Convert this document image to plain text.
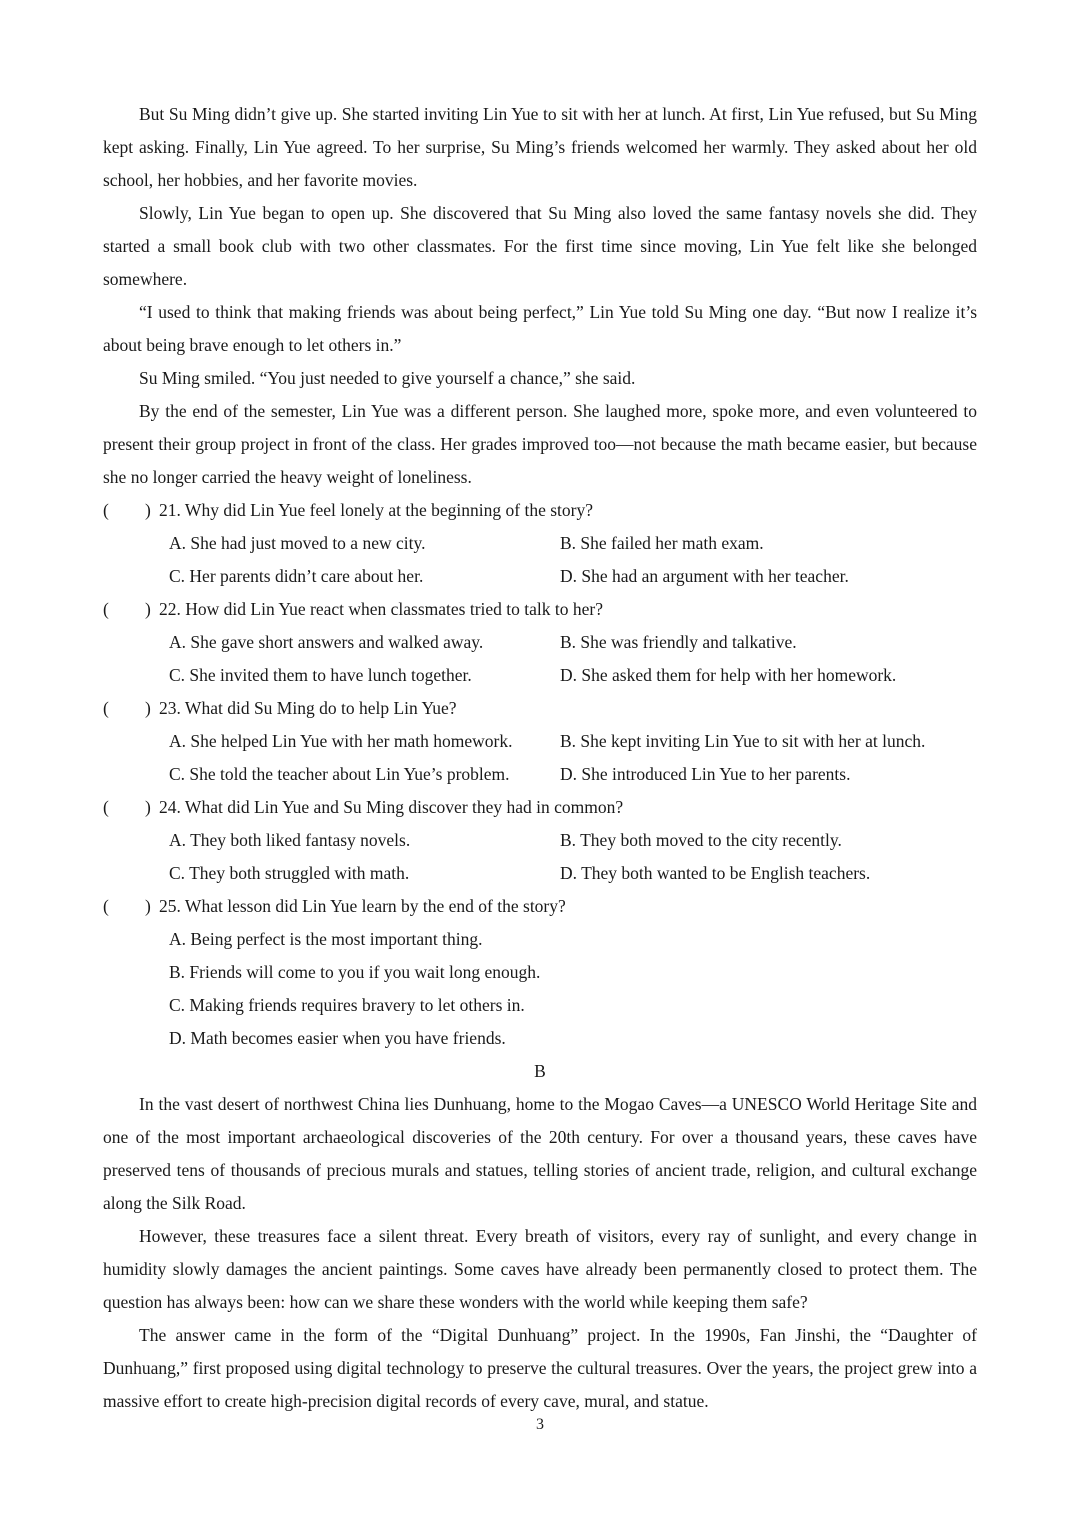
But Su Ming didn’t give up. She started inviting Lin Yue to sit with her at lunch. At first, Lin Yue refused, but Su Ming kept asking. Finally, Lin Yue agreed. To her surprise, Su Ming’s friends welcomed her warmly. They asked about her old school, her hobbies, and her favorite movies.

Slowly, Lin Yue began to open up. She discovered that Su Ming also loved the same fantasy novels she did. They started a small book club with two other classmates. For the first time since moving, Lin Yue felt like she belonged somewhere.

“I used to think that making friends was about being perfect,” Lin Yue told Su Ming one day. “But now I realize it’s about being brave enough to let others in.”

Su Ming smiled. “You just needed to give yourself a chance,” she said.

By the end of the semester, Lin Yue was a different person. She laughed more, spoke more, and even volunteered to present their group project in front of the class. Her grades improved too—not because the math became easier, but because she no longer carried the heavy weight of loneliness.

( ) 21. Why did Lin Yue feel lonely at the beginning of the story?
A. She had just moved to a new city.	B. She failed her math exam.
C. Her parents didn’t care about her.	D. She had an argument with her teacher.
( ) 22. How did Lin Yue react when classmates tried to talk to her?
A. She gave short answers and walked away.	B. She was friendly and talkative.
C. She invited them to have lunch together.	D. She asked them for help with her homework.
( ) 23. What did Su Ming do to help Lin Yue?
A. She helped Lin Yue with her math homework.	B. She kept inviting Lin Yue to sit with her at lunch.
C. She told the teacher about Lin Yue’s problem.	D. She introduced Lin Yue to her parents.
( ) 24. What did Lin Yue and Su Ming discover they had in common?
A. They both liked fantasy novels.	B. They both moved to the city recently.
C. They both struggled with math.	D. They both wanted to be English teachers.
( ) 25. What lesson did Lin Yue learn by the end of the story?
A. Being perfect is the most important thing.
B. Friends will come to you if you wait long enough.
C. Making friends requires bravery to let others in.
D. Math becomes easier when you have friends.
B

In the vast desert of northwest China lies Dunhuang, home to the Mogao Caves—a UNESCO World Heritage Site and one of the most important archaeological discoveries of the 20th century. For over a thousand years, these caves have preserved tens of thousands of precious murals and statues, telling stories of ancient trade, religion, and cultural exchange along the Silk Road.

However, these treasures face a silent threat. Every breath of visitors, every ray of sunlight, and every change in humidity slowly damages the ancient paintings. Some caves have already been permanently closed to protect them. The question has always been: how can we share these wonders with the world while keeping them safe?

The answer came in the form of the “Digital Dunhuang” project. In the 1990s, Fan Jinshi, the “Daughter of Dunhuang,” first proposed using digital technology to preserve the cultural treasures. Over the years, the project grew into a massive effort to create high-precision digital records of every cave, mural, and statue.

3
